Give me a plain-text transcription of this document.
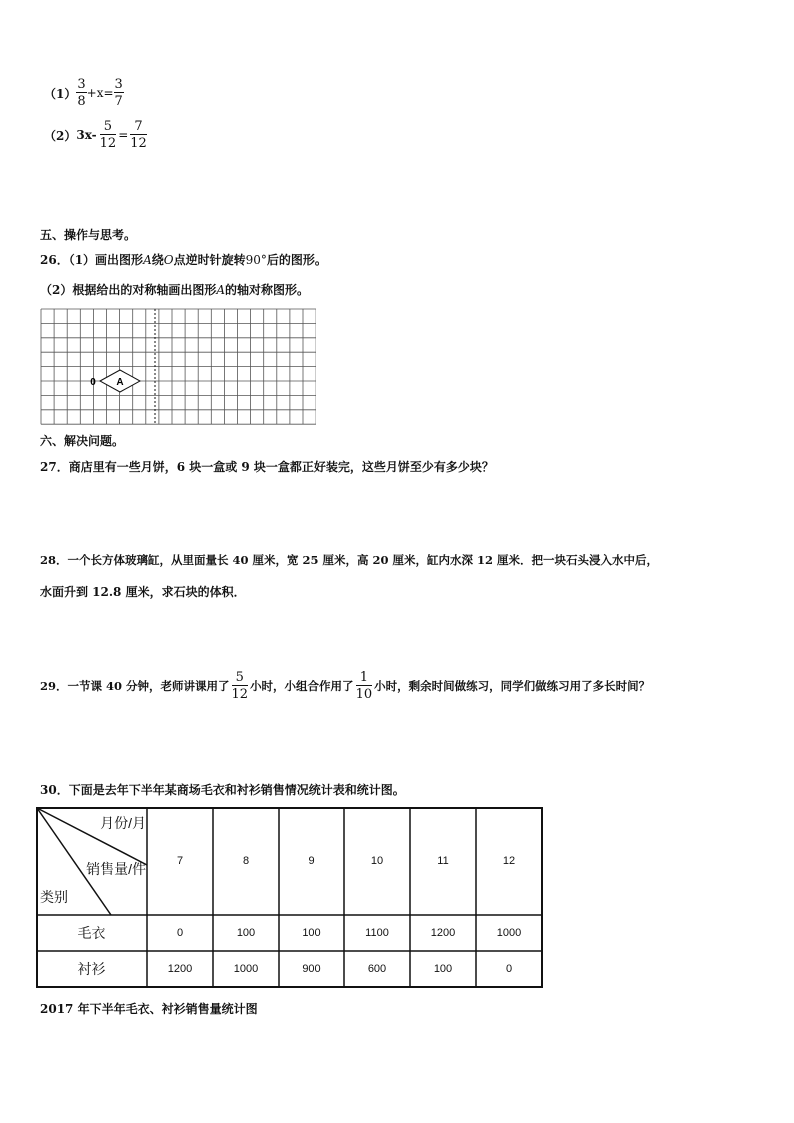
$(1) \frac{3}{8} +x= \frac{3}{7}$
（2） $3x- \frac{5}{12} = \frac{7}{12}$
五、操作与思考。
26．（1）画出图形A绕O点逆时针旋转90°后的图形。
（2）根据给出的对称轴画出图形A的轴对称图形。
A
0
六、解决问题。
27．商店里有一些月饼，6 块一盒或 9 块一盒都正好装完，这些月饼至少有多少块？
28．一个长方体玻璃缸，从里面量长 40 厘米，宽 25 厘米，高 20 厘米，缸内水深 12 厘米．把一块石头浸入水中后，
水面升到 12.8 厘米，求石块的体积．
29．一节课 40 分钟，老师讲课用了 $\frac{5}{12}$ 小时，小组合作用了 $\frac{1}{10}$ 小时，剩余时间做练习，同学们做练习用了多长时间？
30．下面是去年下半年某商场毛衣和衬衫销售情况统计表和统计图。
月份/月
销售量/件
类别
7	8	9	10	11	12
毛衣	0	100	100	1100	1200	1000
衬衫	1200	1000	900	600	100	0
2017 年下半年毛衣、衬衫销售量统计图
